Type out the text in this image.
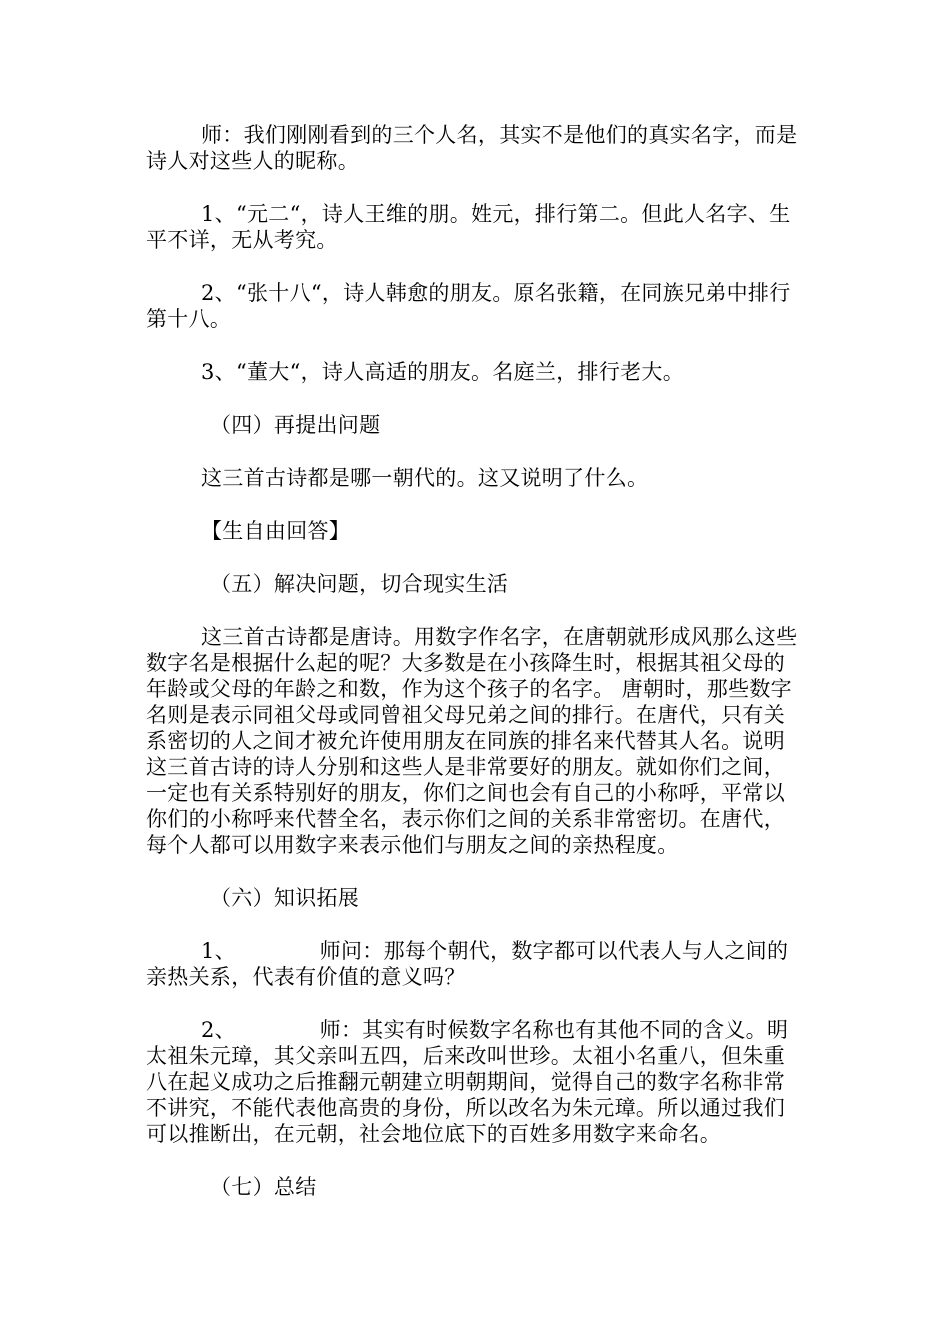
师：我们刚刚看到的三个人名，其实不是他们的真实名字，而是诗人对这些人的昵称。

1、“元二“，诗人王维的朋。姓元，排行第二。但此人名字、生平不详，无从考究。

2、“张十八“，诗人韩愈的朋友。原名张籍，在同族兄弟中排行第十八。

3、“董大“，诗人高适的朋友。名庭兰，排行老大。

（四）再提出问题

这三首古诗都是哪一朝代的。这又说明了什么。

【生自由回答】

（五）解决问题，切合现实生活

这三首古诗都是唐诗。用数字作名字，在唐朝就形成风那么这些数字名是根据什么起的呢？大多数是在小孩降生时，根据其祖父母的年龄或父母的年龄之和数，作为这个孩子的名字。 唐朝时，那些数字名则是表示同祖父母或同曾祖父母兄弟之间的排行。在唐代，只有关系密切的人之间才被允许使用朋友在同族的排名来代替其人名。说明这三首古诗的诗人分别和这些人是非常要好的朋友。就如你们之间，一定也有关系特别好的朋友，你们之间也会有自己的小称呼，平常以你们的小称呼来代替全名，表示你们之间的关系非常密切。在唐代，每个人都可以用数字来表示他们与朋友之间的亲热程度。

（六）知识拓展

1、            师问：那每个朝代，数字都可以代表人与人之间的亲热关系，代表有价值的意义吗？

2、            师：其实有时候数字名称也有其他不同的含义。明太祖朱元璋，其父亲叫五四，后来改叫世珍。太祖小名重八，但朱重八在起义成功之后推翻元朝建立明朝期间，觉得自己的数字名称非常不讲究，不能代表他高贵的身份，所以改名为朱元璋。所以通过我们可以推断出，在元朝，社会地位底下的百姓多用数字来命名。

（七）总结
